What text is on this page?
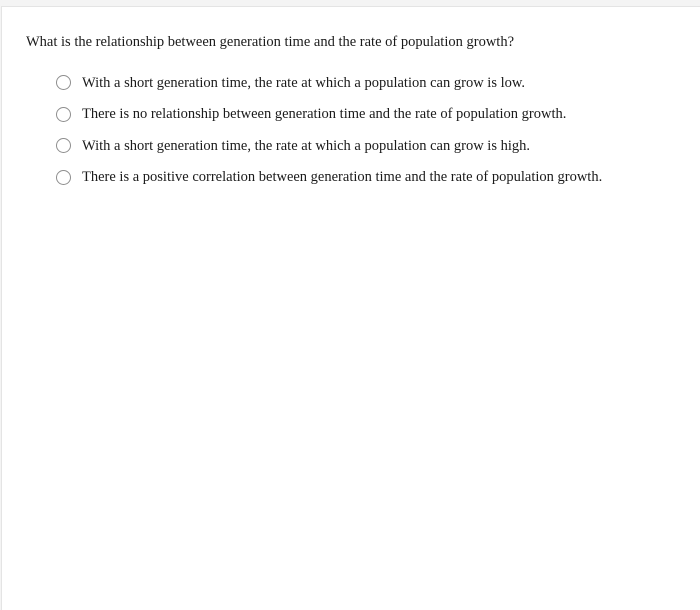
What is the relationship between generation time and the rate of population growth?
With a short generation time, the rate at which a population can grow is low.
There is no relationship between generation time and the rate of population growth.
With a short generation time, the rate at which a population can grow is high.
There is a positive correlation between generation time and the rate of population growth.
